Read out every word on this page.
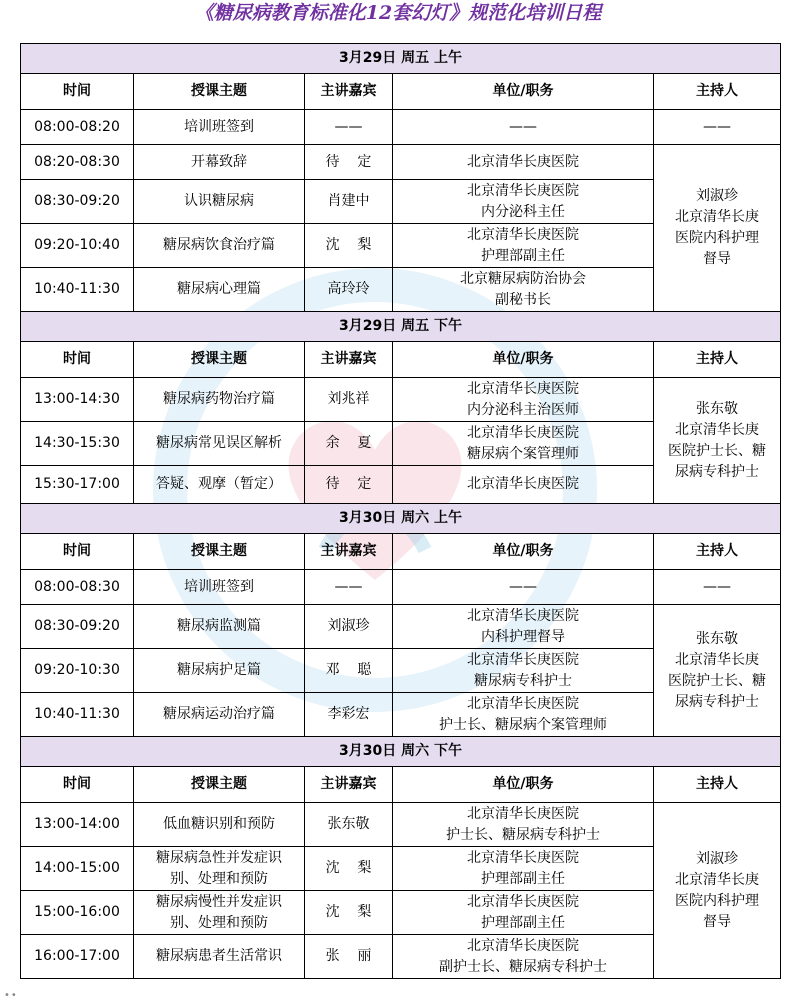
《糖尿病教育标准化12套幻灯》规范化培训日程
3月29日 周五 上午				
时间	授课主题	主讲嘉宾	单位/职务	主持人
08:00-08:20	培训班签到	——	——	——
08:20-08:30	开幕致辞	待    定	北京清华长庚医院	刘淑珍
北京清华长庚
医院内科护理
督导

08:30-09:20	认识糖尿病	肖建中	北京清华长庚医院
内分泌科主任	

09:20-10:40	糖尿病饮食治疗篇	沈    梨	北京清华长庚医院
护理部副主任	

10:40-11:30	糖尿病心理篇	高玲玲	北京糖尿病防治协会
副秘书长	

3月29日 周五 下午				
时间	授课主题	主讲嘉宾	单位/职务	主持人
13:00-14:30	糖尿病药物治疗篇	刘兆祥	北京清华长庚医院
内分泌科主治医师	张东敬
北京清华长庚
医院护士长、糖
尿病专科护士

14:30-15:30	糖尿病常见误区解析	余    夏	北京清华长庚医院
糖尿病个案管理师	

15:30-17:00	答疑、观摩（暂定）	待    定	北京清华长庚医院	

3月30日 周六 上午				
时间	授课主题	主讲嘉宾	单位/职务	主持人
08:00-08:30	培训班签到	——	——	——
08:30-09:20	糖尿病监测篇	刘淑珍	北京清华长庚医院
内科护理督导	张东敬
北京清华长庚
医院护士长、糖
尿病专科护士

09:20-10:30	糖尿病护足篇	邓    聪	北京清华长庚医院
糖尿病专科护士	

10:40-11:30	糖尿病运动治疗篇	李彩宏	北京清华长庚医院
护士长、糖尿病个案管理师	

3月30日 周六 下午				
时间	授课主题	主讲嘉宾	单位/职务	主持人
13:00-14:00	低血糖识别和预防	张东敬	北京清华长庚医院
护士长、糖尿病专科护士	刘淑珍
北京清华长庚
医院内科护理
督导

14:00-15:00	糖尿病急性并发症识
别、处理和预防	沈    梨	北京清华长庚医院
护理部副主任	

15:00-16:00	糖尿病慢性并发症识
别、处理和预防	沈    梨	北京清华长庚医院
护理部副主任	

16:00-17:00	糖尿病患者生活常识	张    丽	北京清华长庚医院
副护士长、糖尿病专科护士	
••
